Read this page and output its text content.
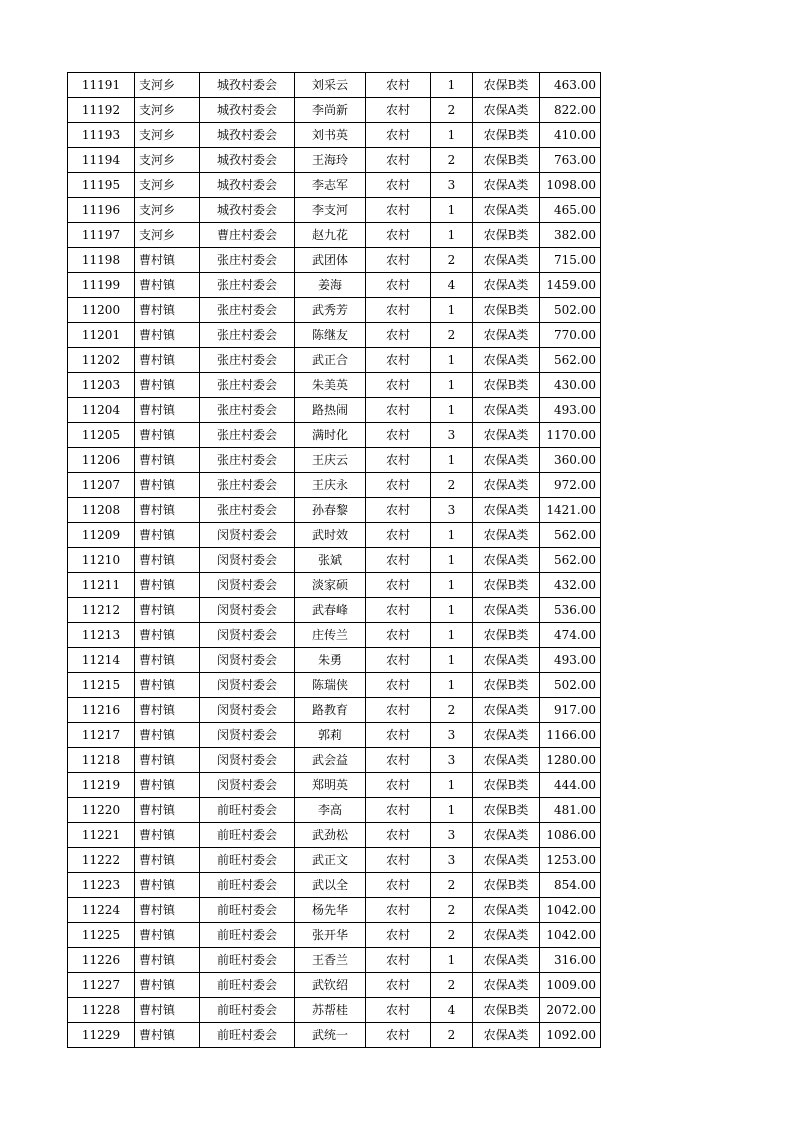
11191	支河乡	城孜村委会	刘采云	农村	1	农保B类	463.00
11192	支河乡	城孜村委会	李尚新	农村	2	农保A类	822.00
11193	支河乡	城孜村委会	刘书英	农村	1	农保B类	410.00
11194	支河乡	城孜村委会	王海玲	农村	2	农保B类	763.00
11195	支河乡	城孜村委会	李志军	农村	3	农保A类	1098.00
11196	支河乡	城孜村委会	李支河	农村	1	农保A类	465.00
11197	支河乡	曹庄村委会	赵九花	农村	1	农保B类	382.00
11198	曹村镇	张庄村委会	武团体	农村	2	农保A类	715.00
11199	曹村镇	张庄村委会	姜海	农村	4	农保A类	1459.00
11200	曹村镇	张庄村委会	武秀芳	农村	1	农保B类	502.00
11201	曹村镇	张庄村委会	陈继友	农村	2	农保A类	770.00
11202	曹村镇	张庄村委会	武正合	农村	1	农保A类	562.00
11203	曹村镇	张庄村委会	朱美英	农村	1	农保B类	430.00
11204	曹村镇	张庄村委会	路热闹	农村	1	农保A类	493.00
11205	曹村镇	张庄村委会	满时化	农村	3	农保A类	1170.00
11206	曹村镇	张庄村委会	王庆云	农村	1	农保A类	360.00
11207	曹村镇	张庄村委会	王庆永	农村	2	农保A类	972.00
11208	曹村镇	张庄村委会	孙春黎	农村	3	农保A类	1421.00
11209	曹村镇	闵贤村委会	武时效	农村	1	农保A类	562.00
11210	曹村镇	闵贤村委会	张斌	农村	1	农保A类	562.00
11211	曹村镇	闵贤村委会	淡家硕	农村	1	农保B类	432.00
11212	曹村镇	闵贤村委会	武春峰	农村	1	农保A类	536.00
11213	曹村镇	闵贤村委会	庄传兰	农村	1	农保B类	474.00
11214	曹村镇	闵贤村委会	朱勇	农村	1	农保A类	493.00
11215	曹村镇	闵贤村委会	陈瑞侠	农村	1	农保B类	502.00
11216	曹村镇	闵贤村委会	路教育	农村	2	农保A类	917.00
11217	曹村镇	闵贤村委会	郭莉	农村	3	农保A类	1166.00
11218	曹村镇	闵贤村委会	武会益	农村	3	农保A类	1280.00
11219	曹村镇	闵贤村委会	郑明英	农村	1	农保B类	444.00
11220	曹村镇	前旺村委会	李高	农村	1	农保B类	481.00
11221	曹村镇	前旺村委会	武劲松	农村	3	农保A类	1086.00
11222	曹村镇	前旺村委会	武正文	农村	3	农保A类	1253.00
11223	曹村镇	前旺村委会	武以全	农村	2	农保B类	854.00
11224	曹村镇	前旺村委会	杨先华	农村	2	农保A类	1042.00
11225	曹村镇	前旺村委会	张开华	农村	2	农保A类	1042.00
11226	曹村镇	前旺村委会	王香兰	农村	1	农保A类	316.00
11227	曹村镇	前旺村委会	武钦绍	农村	2	农保A类	1009.00
11228	曹村镇	前旺村委会	苏帮桂	农村	4	农保B类	2072.00
11229	曹村镇	前旺村委会	武统一	农村	2	农保A类	1092.00
